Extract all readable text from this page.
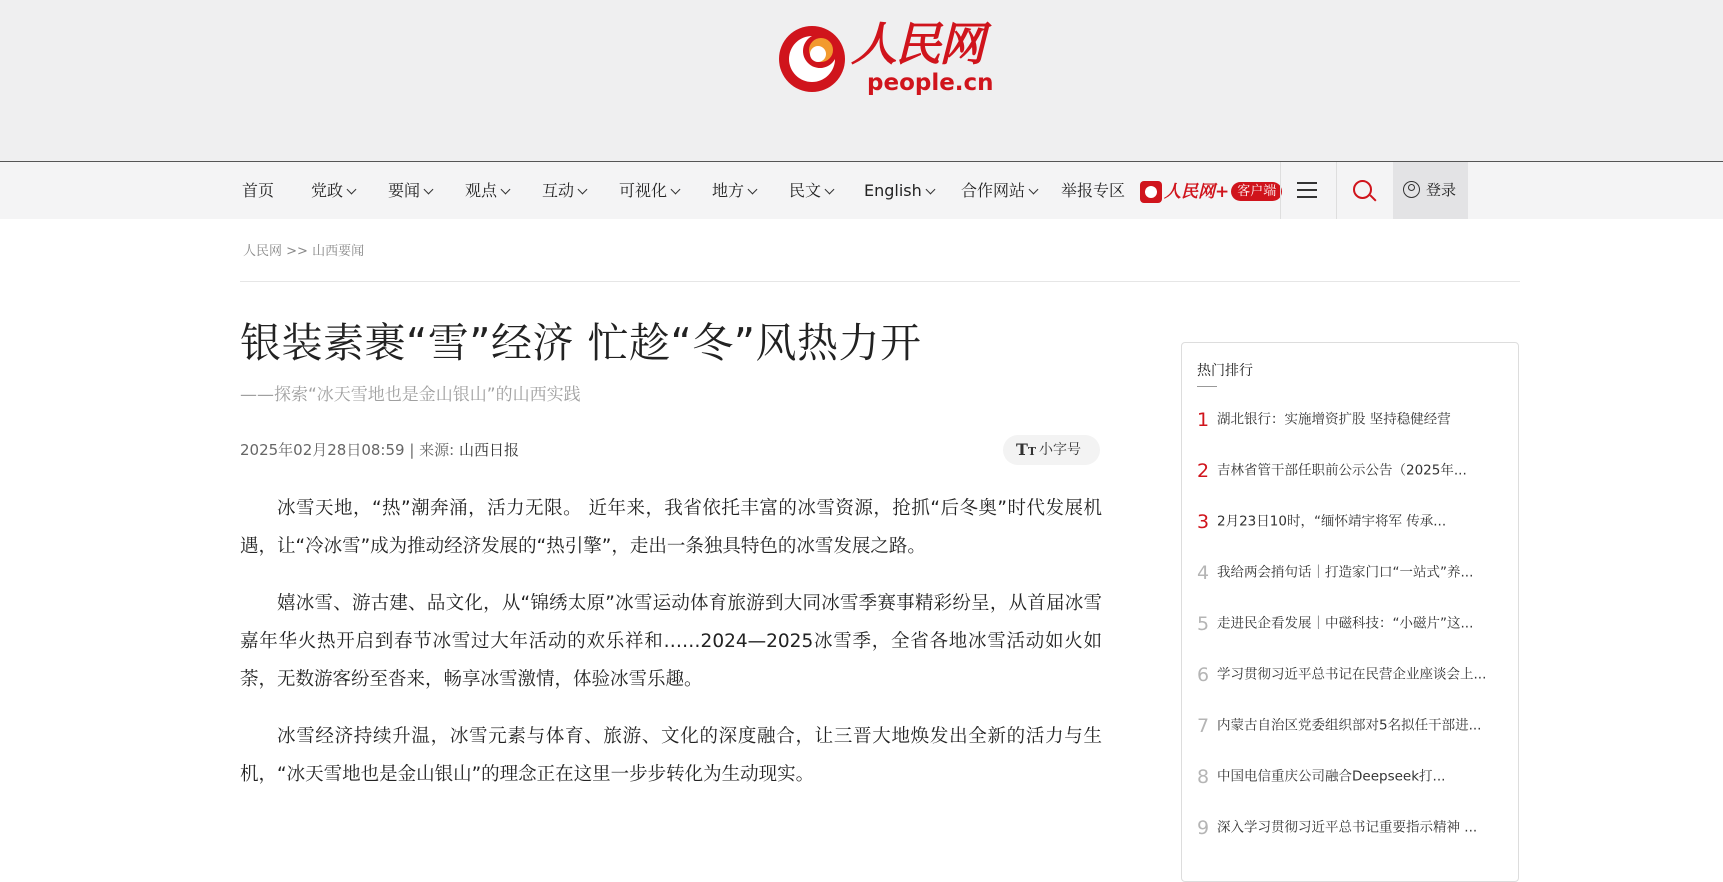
人民网
people.cn
首页 党政	要闻	观点	互动	可视化	地方	民文	English	合作网站	举报专区	人民网+ 客户端	登录
人民网 >> 山西要闻
银装素裹“雪”经济 忙趁“冬”风热力开
——探索“冰天雪地也是金山银山”的山西实践
2025年02月28日08:59 | 来源: 山西日报	TT 小字号

冰雪天地，“热”潮奔涌，活力无限。 近年来，我省依托丰富的冰雪资源，抢抓“后冬奥”时代发展机遇，让“冷冰雪”成为推动经济发展的“热引擎”，走出一条独具特色的冰雪发展之路。

嬉冰雪、游古建、品文化，从“锦绣太原”冰雪运动体育旅游到大同冰雪季赛事精彩纷呈，从首届冰雪嘉年华火热开启到春节冰雪过大年活动的欢乐祥和……2024—2025冰雪季，全省各地冰雪活动如火如荼，无数游客纷至沓来，畅享冰雪激情，体验冰雪乐趣。

冰雪经济持续升温，冰雪元素与体育、旅游、文化的深度融合，让三晋大地焕发出全新的活力与生机，“冰天雪地也是金山银山”的理念正在这里一步步转化为生动现实。

热门排行
1 湖北银行：实施增资扩股 坚持稳健经营
2 吉林省管干部任职前公示公告（2025年...
3 2月23日10时，“缅怀靖宇将军 传承...
4 我给两会捎句话｜打造家门口“一站式”养...
5 走进民企看发展｜中磁科技：“小磁片”这...
6 学习贯彻习近平总书记在民营企业座谈会上...
7 内蒙古自治区党委组织部对5名拟任干部进...
8 中国电信重庆公司融合Deepseek打...
9 深入学习贯彻习近平总书记重要指示精神 ...
